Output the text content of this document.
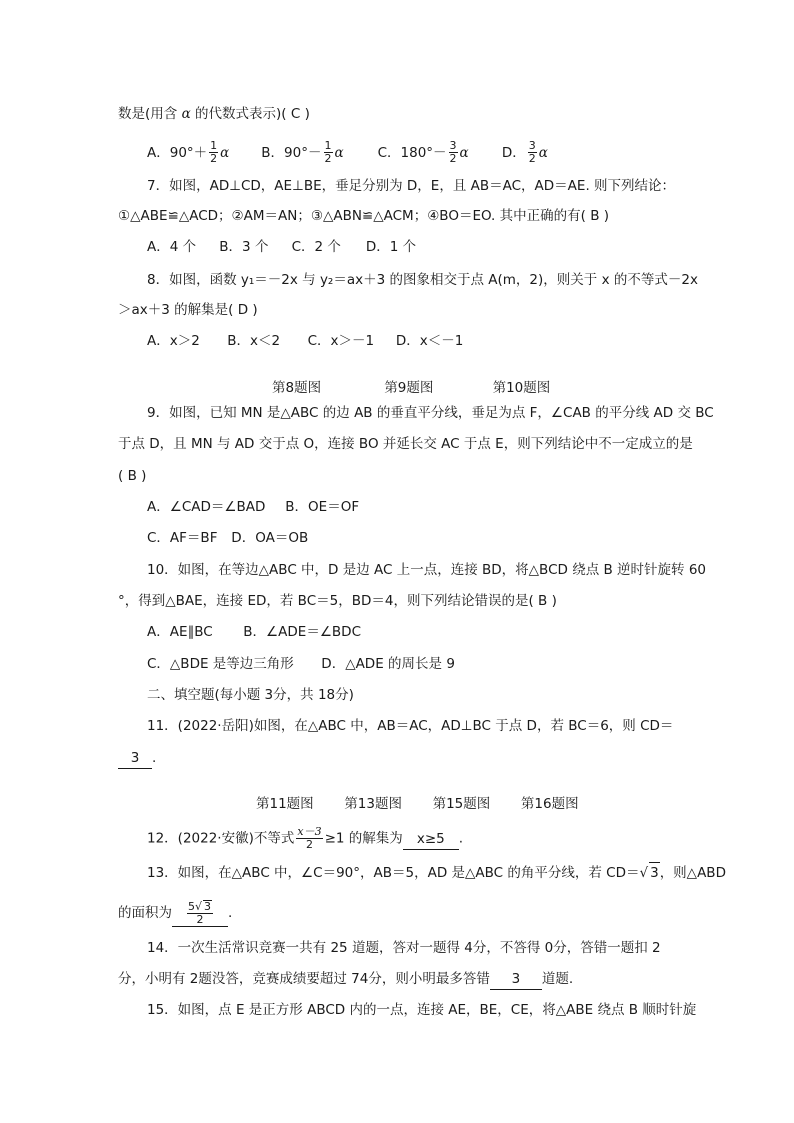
数是(用含 α 的代数式表示)( C )
A．$90^\circ+ \frac{1}{2}$ α B．$90^\circ- \frac{1}{2}$ α	C．$180^\circ- \frac{3}{2}$ α D． $\frac{3}{2}$ α
7．如图，AD⊥CD，AE⊥BE，垂足分别为 D，E，且 AB＝AC，AD＝AE. 则下列结论：
①△ABE≌△ACD；②AM＝AN；③△ABN≌△ACM；④BO＝EO. 其中正确的有( B )
A．4 个 B．3 个 C．2 个 D．1 个
8．如图，函数 y₁＝－2x 与 y₂＝ax＋3 的图象相交于点 A(m，2)，则关于 x 的不等式－2x
＞ax＋3 的解集是( D )
A．x＞2 B．x＜2 C．x＞－1 D．x＜－1
第8题图	第9题图	第10题图
9．如图，已知 MN 是△ABC 的边 AB 的垂直平分线，垂足为点 F，∠CAB 的平分线 AD 交 BC
于点 D，且 MN 与 AD 交于点 O，连接 BO 并延长交 AC 于点 E，则下列结论中不一定成立的是
( B )
A．∠CAD＝∠BAD B．OE＝OF
C．AF＝BF D．OA＝OB
10．如图，在等边△ABC 中，D 是边 AC 上一点，连接 BD，将△BCD 绕点 B 逆时针旋转 60
°，得到△BAE，连接 ED，若 BC＝5，BD＝4，则下列结论错误的是( B )
A．AE∥BC B．∠ADE＝∠BDC
C．△BDE 是等边三角形 D．△ADE 的周长是 9
二、填空题(每小题 3分，共 18分)
11．(2022·岳阳)如图，在△ABC 中，AB＝AC，AD⊥BC 于点 D，若 BC＝6，则 CD＝
3 .
第11题图 第13题图 第15题图 第16题图
12．(2022·安徽)不等式 $\frac{x-3}{2} \ge 1$ 的解集为 x≥5 .
13．如图，在△ABC 中，∠C＝90°，AB＝5，AD 是△ABC 的角平分线，若 CD＝√ 3，则△ABD
的面积为 $\frac{5√ 3}{2}$ .
14．一次生活常识竞赛一共有 25 道题，答对一题得 4分，不答得 0分，答错一题扣 2
分，小明有 2题没答，竞赛成绩要超过 74分，则小明最多答错 3 道题.
15．如图，点 E 是正方形 ABCD 内的一点，连接 AE，BE，CE，将△ABE 绕点 B 顺时针旋
